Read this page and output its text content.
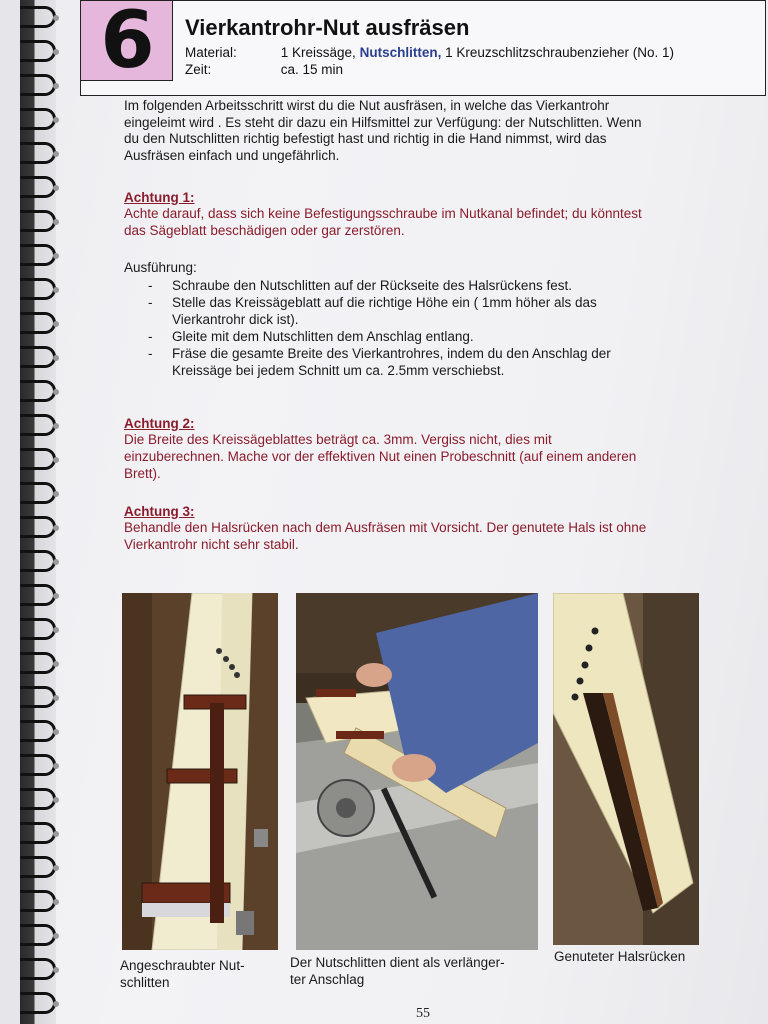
6 Vierkantrohr-Nut ausfräsen
Material:	1 Kreissäge, Nutschlitten, 1 Kreuzschlitzschraubenzieher (No. 1)
Zeit:	ca. 15 min
Im folgenden Arbeitsschritt wirst du die Nut ausfräsen, in welche das Vierkantrohr
eingeleimt wird . Es steht dir dazu ein Hilfsmittel zur Verfügung: der Nutschlitten. Wenn
du den Nutschlitten richtig befestigt hast und richtig in die Hand nimmst, wird das
Ausfräsen einfach und ungefährlich.
Achtung 1:
Achte darauf, dass sich keine Befestigungsschraube im Nutkanal befindet; du könntest
das Sägeblatt beschädigen oder gar zerstören.
Ausführung:
- Schraube den Nutschlitten auf der Rückseite des Halsrückens fest.
- Stelle das Kreissägeblatt auf die richtige Höhe ein ( 1mm höher als das
Vierkantrohr dick ist).
- Gleite mit dem Nutschlitten dem Anschlag entlang.
- Fräse die gesamte Breite des Vierkantrohres, indem du den Anschlag der
Kreissäge bei jedem Schnitt um ca. 2.5mm verschiebst.
Achtung 2:
Die Breite des Kreissägeblattes beträgt ca. 3mm. Vergiss nicht, dies mit
einzuberechnen. Mache vor der effektiven Nut einen Probeschnitt (auf einem anderen
Brett).
Achtung 3:
Behandle den Halsrücken nach dem Ausfräsen mit Vorsicht. Der genutete Hals ist ohne
Vierkantrohr nicht sehr stabil.
Angeschraubter Nut-
schlitten
Der Nutschlitten dient als verlänger-
ter Anschlag
Genuteter Halsrücken
55
